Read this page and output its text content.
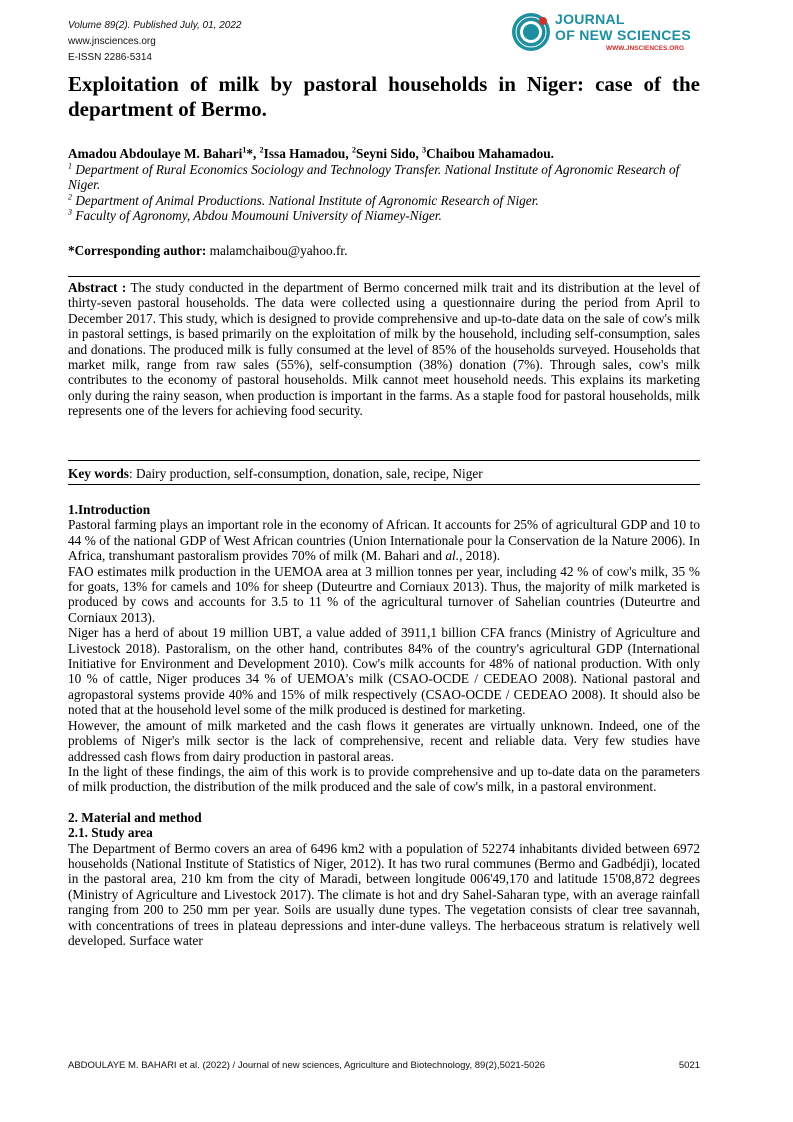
Volume 89(2). Published July, 01, 2022
www.jnsciences.org
E-ISSN 2286-5314
JOURNAL
OF NEW SCIENCES
WWW.JNSCIENCES.ORG
Exploitation of milk by pastoral households in Niger: case of the department of Bermo.
Amadou Abdoulaye M. Bahari$^1$*, $^2$Issa Hamadou, $^2$Seyni Sido, $^3$Chaibou Mahamadou.
$^1$ Department of Rural Economics Sociology and Technology Transfer. National Institute of Agronomic Research of Niger.
$^2$ Department of Animal Productions. National Institute of Agronomic Research of Niger.
$^3$ Faculty of Agronomy, Abdou Moumouni University of Niamey-Niger.
*Corresponding author: malamchaibou@yahoo.fr.

Abstract : The study conducted in the department of Bermo concerned milk trait and its distribution at the level of thirty-seven pastoral households. The data were collected using a questionnaire during the period from April to December 2017. This study, which is designed to provide comprehensive and up-to-date data on the sale of cow's milk in pastoral settings, is based primarily on the exploitation of milk by the household, including self-consumption, sales and donations. The produced milk is fully consumed at the level of 85% of the households surveyed. Households that market milk, range from raw sales (55%), self-consumption (38%) donation (7%). Through sales, cow's milk contributes to the economy of pastoral households. Milk cannot meet household needs. This explains its marketing only during the rainy season, when production is important in the farms. As a staple food for pastoral households, milk represents one of the levers for achieving food security.

Key words: Dairy production, self-consumption, donation, sale, recipe, Niger
1.Introduction

Pastoral farming plays an important role in the economy of African. It accounts for 25% of agricultural GDP and 10 to 44 % of the national GDP of West African countries (Union Internationale pour la Conservation de la Nature 2006). In Africa, transhumant pastoralism provides 70% of milk (M. Bahari and al., 2018).

FAO estimates milk production in the UEMOA area at 3 million tonnes per year, including 42 % of cow's milk, 35 % for goats, 13% for camels and 10% for sheep (Duteurtre and Corniaux 2013). Thus, the majority of milk marketed is produced by cows and accounts for 3.5 to 11 % of the agricultural turnover of Sahelian countries (Duteurtre and Corniaux 2013).

Niger has a herd of about 19 million UBT, a value added of 3911,1 billion CFA francs (Ministry of Agriculture and Livestock 2018). Pastoralism, on the other hand, contributes 84% of the country's agricultural GDP (International Initiative for Environment and Development 2010). Cow's milk accounts for 48% of national production. With only 10 % of cattle, Niger produces 34 % of UEMOA's milk (CSAO-OCDE / CEDEAO 2008). National pastoral and agropastoral systems provide 40% and 15% of milk respectively (CSAO-OCDE / CEDEAO 2008). It should also be noted that at the household level some of the milk produced is destined for marketing.

However, the amount of milk marketed and the cash flows it generates are virtually unknown. Indeed, one of the problems of Niger's milk sector is the lack of comprehensive, recent and reliable data. Very few studies have addressed cash flows from dairy production in pastoral areas.

In the light of these findings, the aim of this work is to provide comprehensive and up to-date data on the parameters of milk production, the distribution of the milk produced and the sale of cow's milk, in a pastoral environment.

2. Material and method
2.1. Study area

The Department of Bermo covers an area of 6496 km2 with a population of 52274 inhabitants divided between 6972 households (National Institute of Statistics of Niger, 2012). It has two rural communes (Bermo and Gadbédji), located in the pastoral area, 210 km from the city of Maradi, between longitude 006'49,170 and latitude 15'08,872 degrees (Ministry of Agriculture and Livestock 2017). The climate is hot and dry Sahel-Saharan type, with an average rainfall ranging from 200 to 250 mm per year. Soils are usually dune types. The vegetation consists of clear tree savannah, with concentrations of trees in plateau depressions and inter-dune valleys. The herbaceous stratum is relatively well developed. Surface water

ABDOULAYE M. BAHARI et al. (2022) / Journal of new sciences, Agriculture and Biotechnology, 89(2),5021-5026	5021
